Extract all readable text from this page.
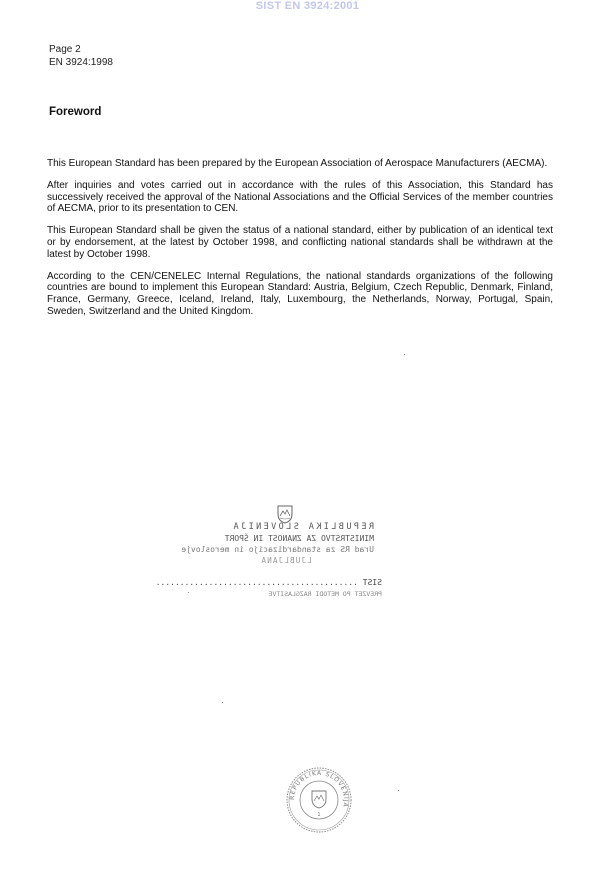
SIST EN 3924:2001
Page 2
EN 3924:1998
Foreword

This European Standard has been prepared by the European Association of Aerospace Manufacturers (AECMA).

After inquiries and votes carried out in accordance with the rules of this Association, this Standard has successively received the approval of the National Associations and the Official Services of the member countries of AECMA, prior to its presentation to CEN.

This European Standard shall be given the status of a national standard, either by publication of an identical text or by endorsement, at the latest by October 1998, and conflicting national standards shall be withdrawn at the latest by October 1998.

According to the CEN/CENELEC Internal Regulations, the national standards organizations of the following countries are bound to implement this European Standard: Austria, Belgium, Czech Republic, Denmark, Finland, France, Germany, Greece, Iceland, Ireland, Italy, Luxembourg, the Netherlands, Norway, Portugal, Spain, Sweden, Switzerland and the United Kingdom.

REPUBLIKA SLOVENIJA
MINISTRSTVO ZA ZNANOST IN ŠPORT
Urad RS za standardizacijo in meroslovje
LJUBLJANA
SIST ..........................................
PREVZET PO METODI RAZGLASITVE
REPUBLIKA SLOVENIJA
1
